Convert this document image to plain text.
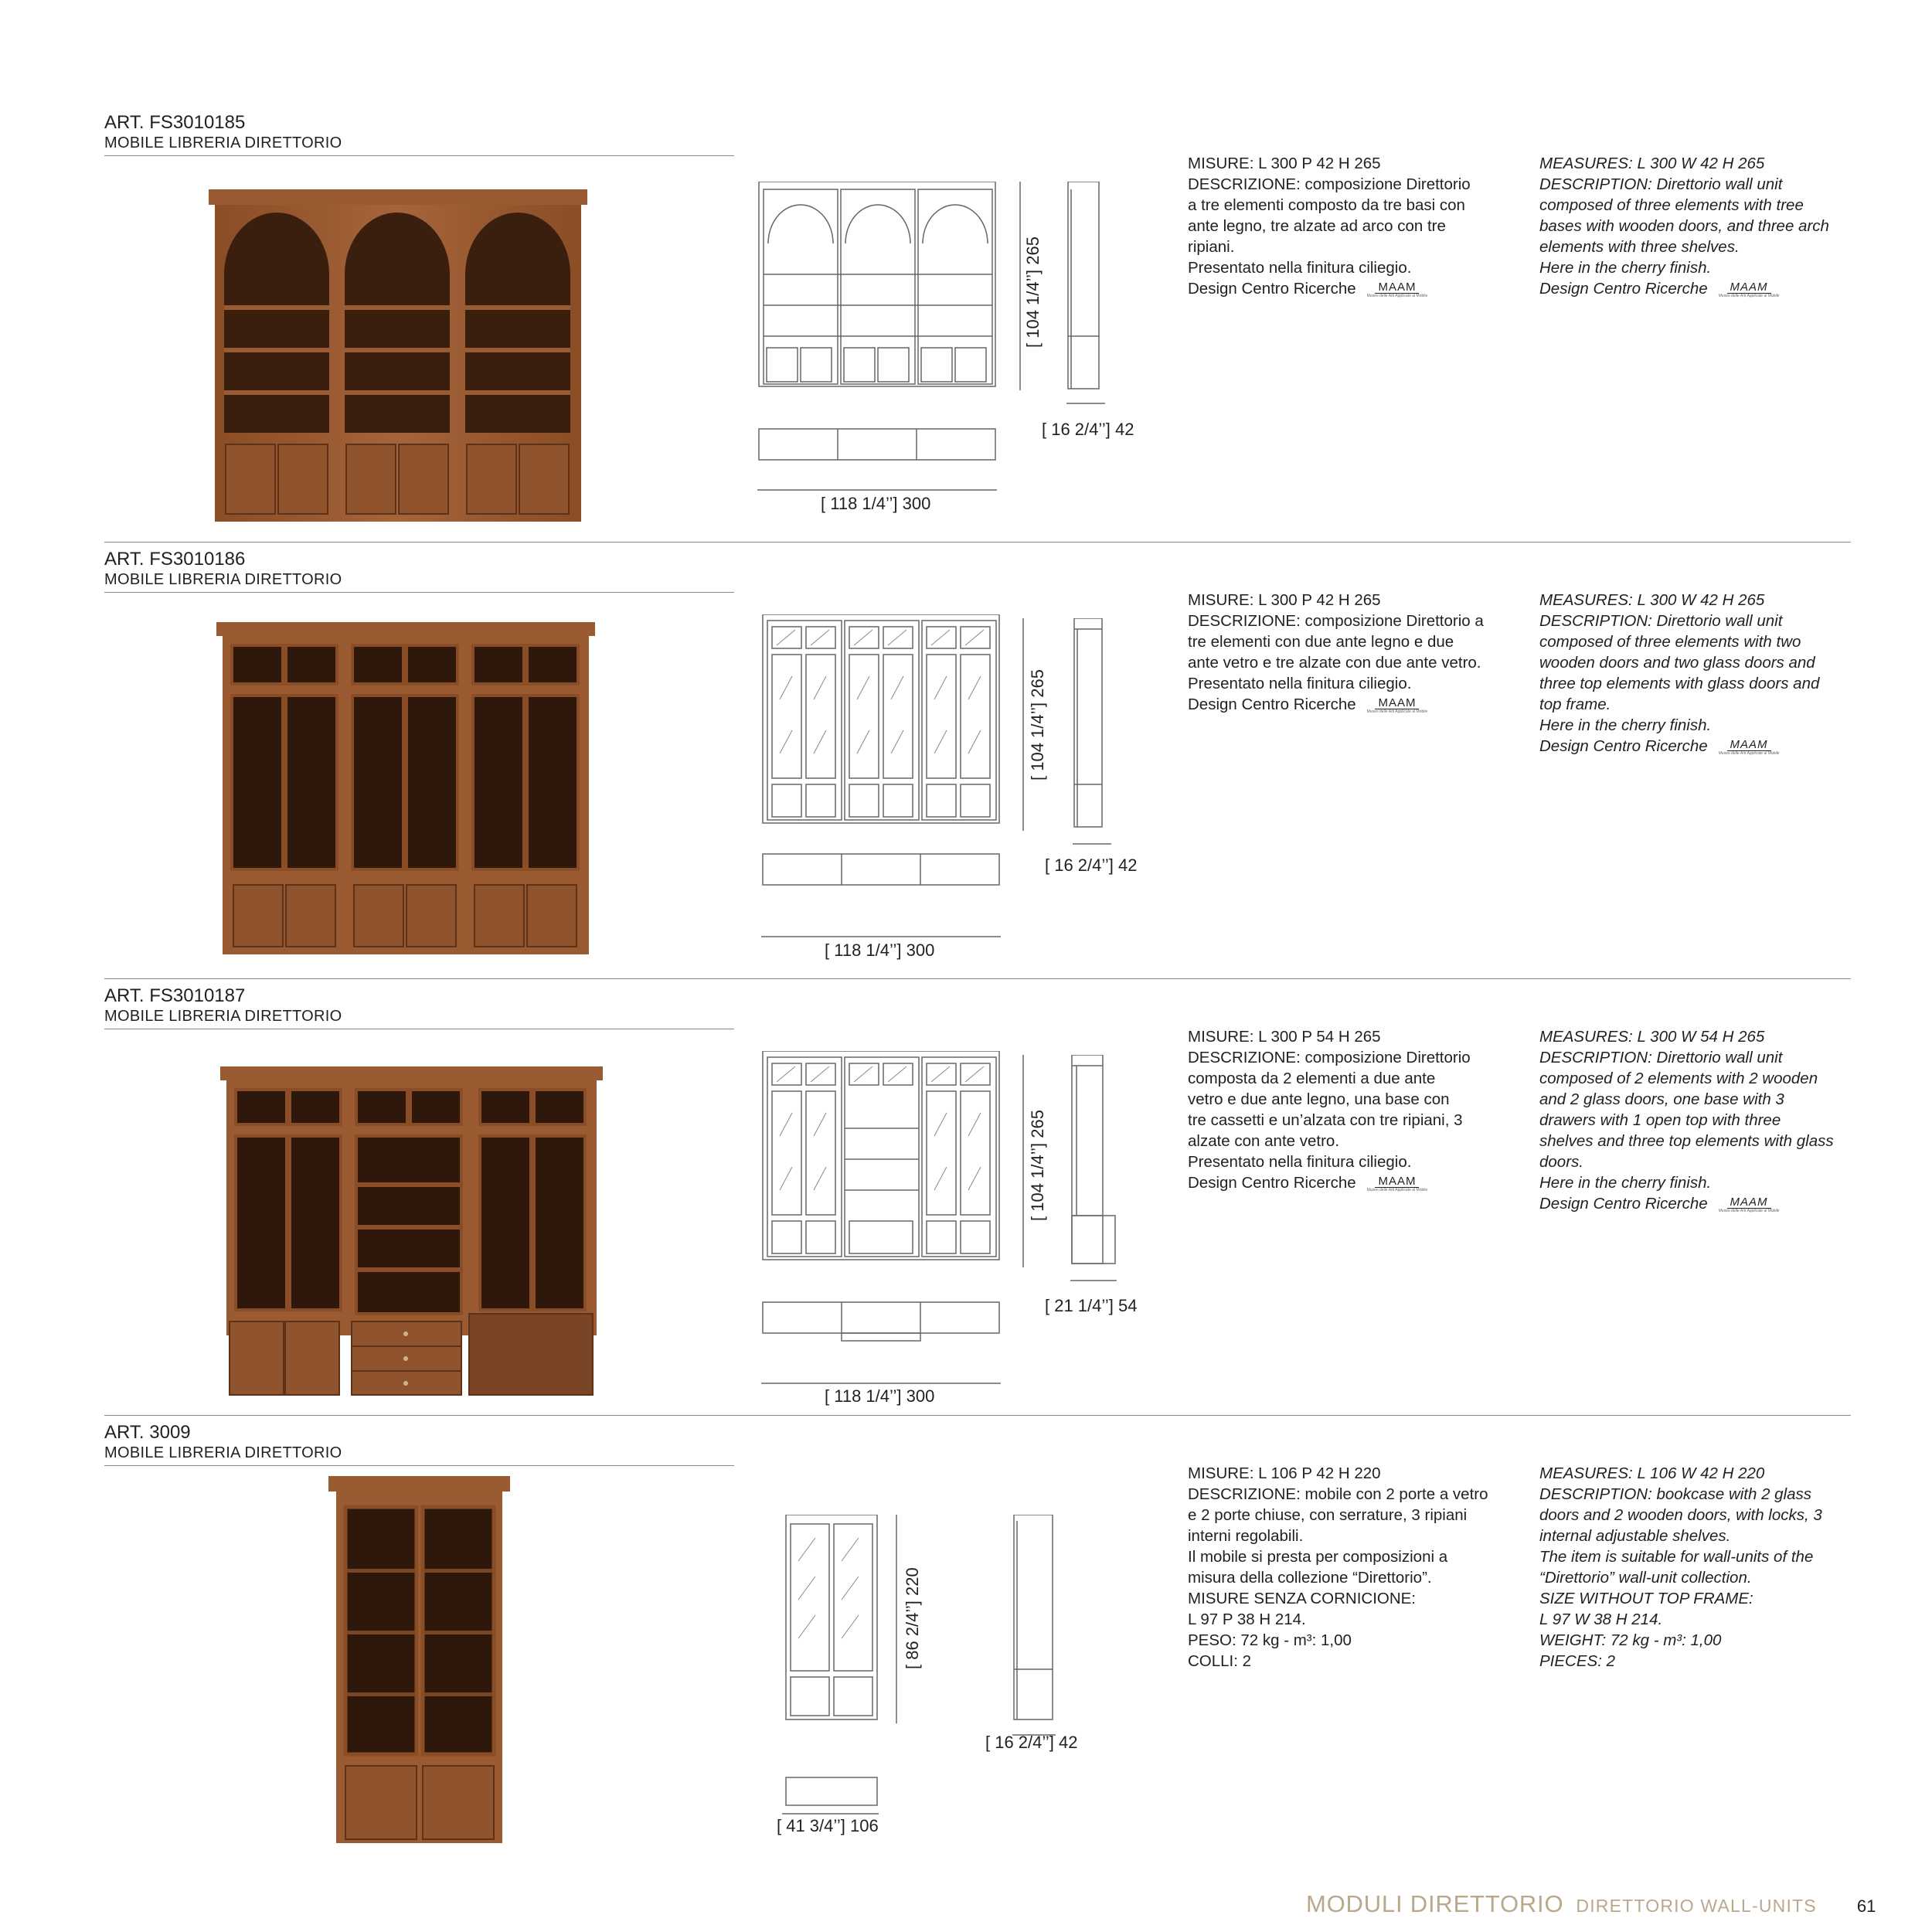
ART. FS3010185
MOBILE LIBRERIA DIRETTORIO
[ 118 1/4’’] 300
[ 104 1/4’’] 265
[ 16 2/4’’] 42

MISURE: L 300 P 42 H 265

DESCRIZIONE: composizione Direttorio

a tre elementi composto da tre basi con

ante legno, tre alzate ad arco con tre

ripiani.

Presentato nella finitura ciliegio.

Design Centro Ricerche MAAM
Museo delle Arti Applicate al Mobile

MEASURES: L 300 W 42 H 265

DESCRIPTION: Direttorio wall unit

composed of three elements with tree

bases with wooden doors, and three arch

elements with three shelves.

Here in the cherry finish.

Design Centro Ricerche MAAM
Museo delle Arti Applicate al Mobile

ART. FS3010186
MOBILE LIBRERIA DIRETTORIO
[ 118 1/4’’] 300
[ 104 1/4’’] 265
[ 16 2/4’’] 42

MISURE: L 300 P 42 H 265

DESCRIZIONE: composizione Direttorio a

tre elementi con due ante legno e due

ante vetro e tre alzate con due ante vetro.

Presentato nella finitura ciliegio.

Design Centro Ricerche MAAM
Museo delle Arti Applicate al Mobile

MEASURES: L 300 W 42 H 265

DESCRIPTION: Direttorio wall unit

composed of three elements with two

wooden doors and two glass doors and

three top elements with glass doors and

top frame.

Here in the cherry finish.

Design Centro Ricerche MAAM
Museo delle Arti Applicate al Mobile

ART. FS3010187
MOBILE LIBRERIA DIRETTORIO
[ 118 1/4’’] 300
[ 104 1/4’’] 265
[ 21 1/4’’] 54

MISURE: L 300 P 54 H 265

DESCRIZIONE: composizione Direttorio

composta da 2 elementi a due ante

vetro e due ante legno, una base con

tre cassetti e un’alzata con tre ripiani, 3

alzate con ante vetro.

Presentato nella finitura ciliegio.

Design Centro Ricerche MAAM
Museo delle Arti Applicate al Mobile

MEASURES: L 300 W 54 H 265

DESCRIPTION: Direttorio wall unit

composed of 2 elements with 2 wooden

and 2 glass doors, one base with 3

drawers with 1 open top with three

shelves and three top elements with glass

doors.

Here in the cherry finish.

Design Centro Ricerche MAAM
Museo delle Arti Applicate al Mobile

ART. 3009
MOBILE LIBRERIA DIRETTORIO
[ 41 3/4’’] 106
[ 86 2/4’’] 220
[ 16 2/4’’] 42

MISURE: L 106 P 42 H 220

DESCRIZIONE: mobile con 2 porte a vetro

e 2 porte chiuse, con serrature, 3 ripiani

interni regolabili.

Il mobile si presta per composizioni a

misura della collezione “Direttorio”.

MISURE SENZA CORNICIONE:

L 97 P 38 H 214.

PESO: 72 kg - m³: 1,00

COLLI: 2

MEASURES: L 106 W 42 H 220

DESCRIPTION: bookcase with 2 glass

doors and 2 wooden doors, with locks, 3

internal adjustable shelves.

The item is suitable for wall-units of the

“Direttorio” wall-unit collection.

SIZE WITHOUT TOP FRAME:

L 97 W 38 H 214.

WEIGHT: 72 kg - m³: 1,00

PIECES: 2

MODULI DIRETTORIO DIRETTORIO WALL-UNITS 61
